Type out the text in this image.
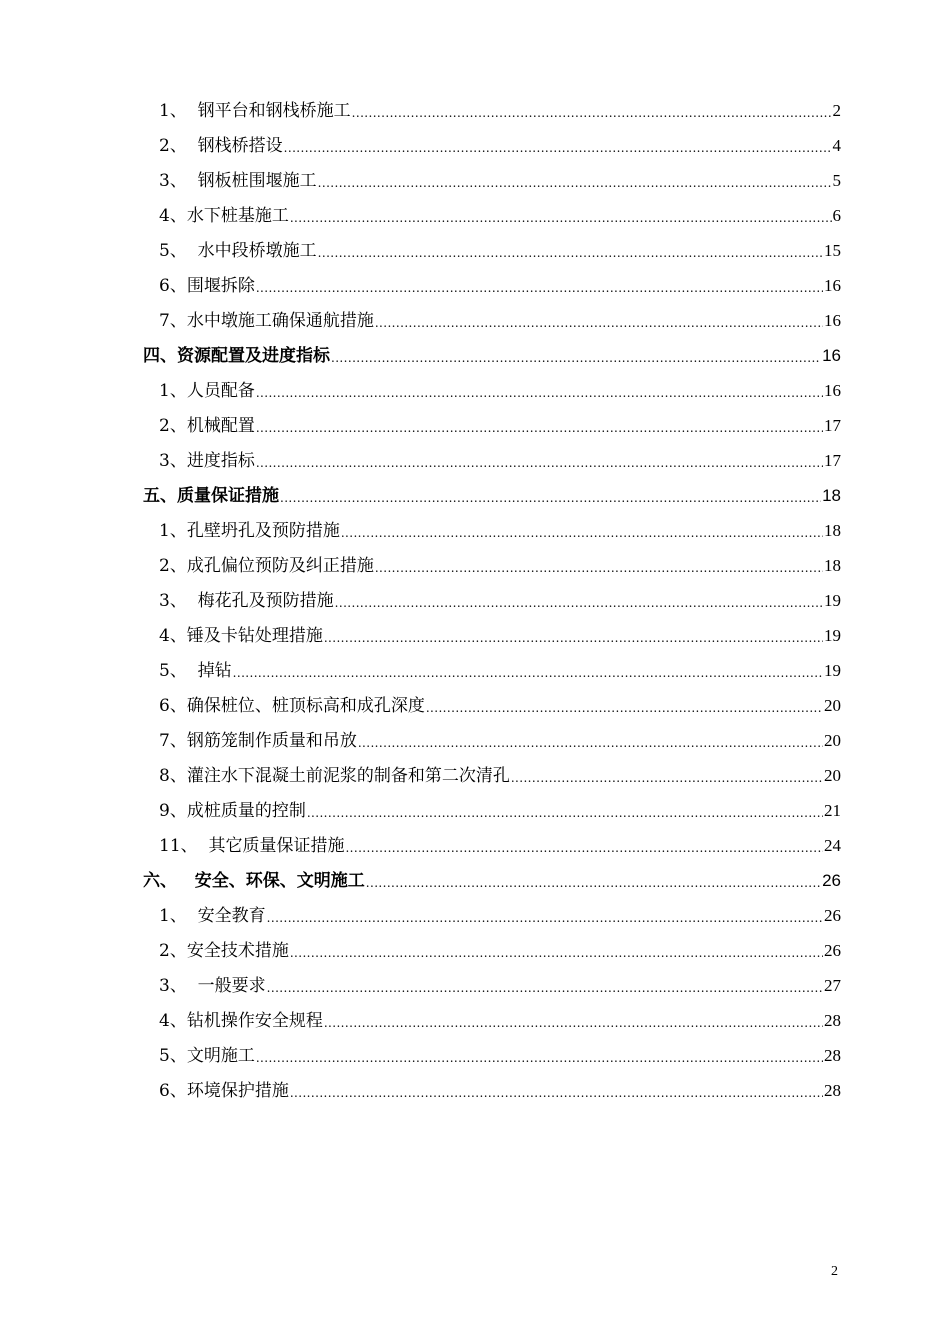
1、 钢平台和钢栈桥施工 .....	2
2、 钢栈桥搭设 .....	4
3、 钢板桩围堰施工 .....	5
4、 水下桩基施工 .....	6
5、 水中段桥墩施工 .....	15
6、 围堰拆除 .....	16
7、 水中墩施工确保通航措施 .....	16
四、 资源配置及进度指标 .....	16
1、 人员配备 .....	16
2、 机械配置 .....	17
3、 进度指标 .....	17
五、 质量保证措施 .....	18
1、 孔壁坍孔及预防措施 .....	18
2、 成孔偏位预防及纠正措施 .....	18
3、 梅花孔及预防措施 .....	19
4、 锤及卡钻处理措施 .....	19
5、 掉钻 .....	19
6、 确保桩位、桩顶标高和成孔深度 .....	20
7、 钢筋笼制作质量和吊放 .....	20
8、 灌注水下混凝土前泥浆的制备和第二次清孔 .....	20
9、 成桩质量的控制 .....	21
11、 其它质量保证措施 .....	24
六、 安全、环保、文明施工 .....	26
1、 安全教育 .....	26
2、 安全技术措施 .....	26
3、 一般要求 .....	27
4、 钻机操作安全规程 .....	28
5、 文明施工 .....	28
6、 环境保护措施 .....	28
2
